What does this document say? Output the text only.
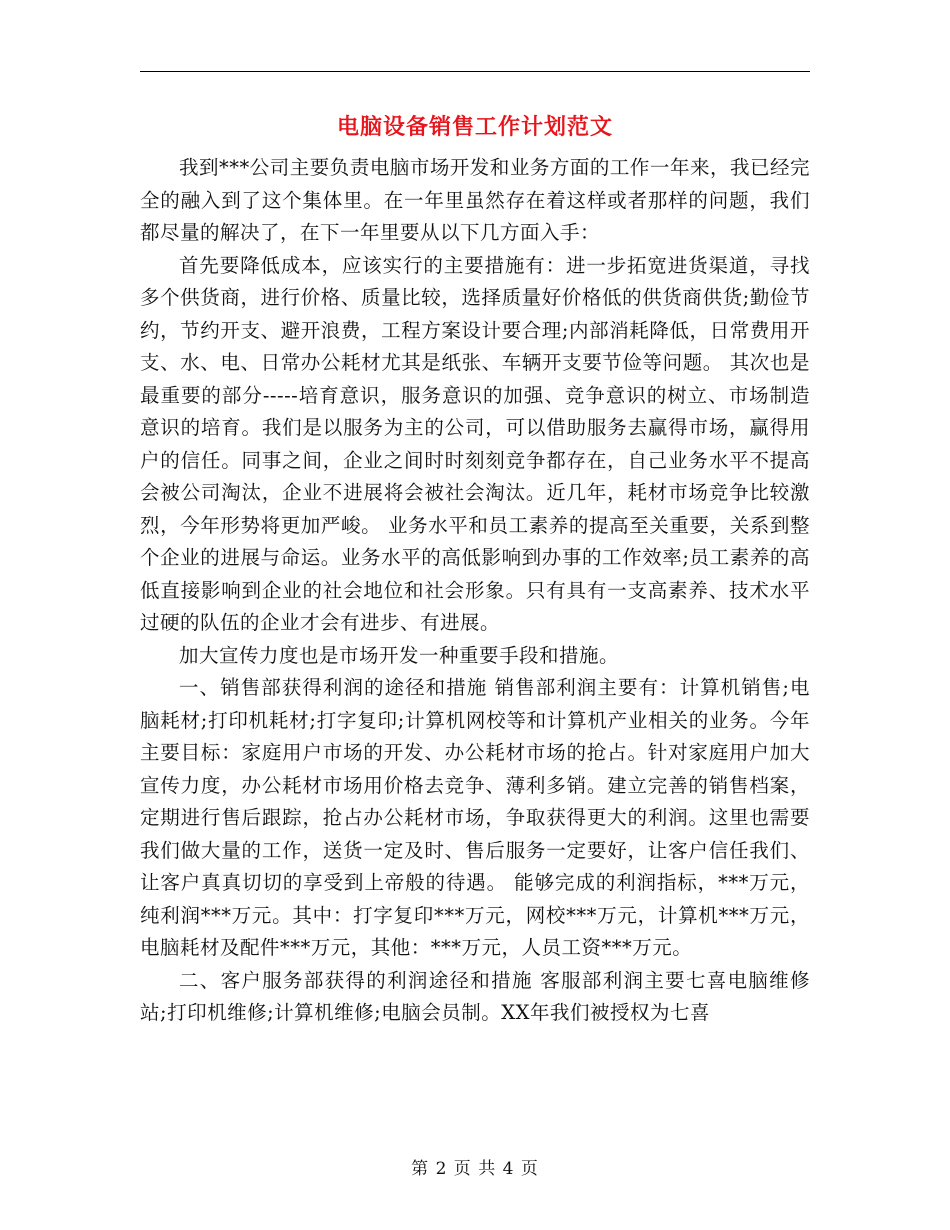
电脑设备销售工作计划范文

我到***公司主要负责电脑市场开发和业务方面的工作一年来，我已经完全的融入到了这个集体里。在一年里虽然存在着这样或者那样的问题，我们都尽量的解决了，在下一年里要从以下几方面入手：

首先要降低成本，应该实行的主要措施有：进一步拓宽进货渠道，寻找多个供货商，进行价格、质量比较，选择质量好价格低的供货商供货;勤俭节约，节约开支、避开浪费，工程方案设计要合理;内部消耗降低，日常费用开支、水、电、日常办公耗材尤其是纸张、车辆开支要节俭等问题。 其次也是最重要的部分-----培育意识，服务意识的加强、竞争意识的树立、市场制造意识的培育。我们是以服务为主的公司，可以借助服务去赢得市场，赢得用户的信任。同事之间，企业之间时时刻刻竞争都存在，自己业务水平不提高会被公司淘汰，企业不进展将会被社会淘汰。近几年，耗材市场竞争比较激烈，今年形势将更加严峻。 业务水平和员工素养的提高至关重要，关系到整个企业的进展与命运。业务水平的高低影响到办事的工作效率;员工素养的高低直接影响到企业的社会地位和社会形象。只有具有一支高素养、技术水平过硬的队伍的企业才会有进步、有进展。

加大宣传力度也是市场开发一种重要手段和措施。

一、销售部获得利润的途径和措施 销售部利润主要有：计算机销售;电脑耗材;打印机耗材;打字复印;计算机网校等和计算机产业相关的业务。今年主要目标：家庭用户市场的开发、办公耗材市场的抢占。针对家庭用户加大宣传力度，办公耗材市场用价格去竞争、薄利多销。建立完善的销售档案，定期进行售后跟踪，抢占办公耗材市场，争取获得更大的利润。这里也需要我们做大量的工作，送货一定及时、售后服务一定要好，让客户信任我们、让客户真真切切的享受到上帝般的待遇。 能够完成的利润指标，***万元，纯利润***万元。其中：打字复印***万元，网校***万元，计算机***万元，电脑耗材及配件***万元，其他：***万元，人员工资***万元。

二、客户服务部获得的利润途径和措施 客服部利润主要七喜电脑维修站;打印机维修;计算机维修;电脑会员制。XX年我们被授权为七喜

第 2 页 共 4 页
